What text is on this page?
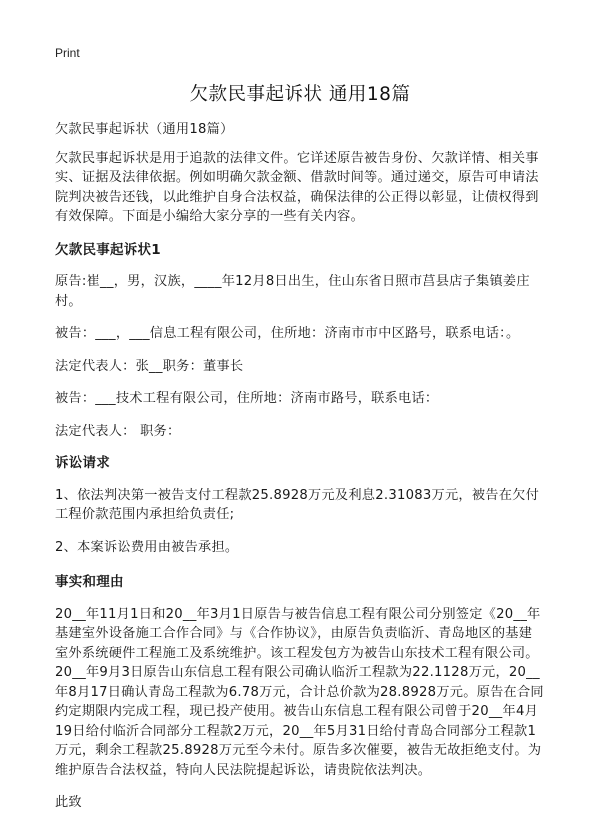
Print
欠款民事起诉状 通用18篇

欠款民事起诉状（通用18篇）

欠款民事起诉状是用于追款的法律文件。它详述原告被告身份、欠款详情、相关事实、证据及法律依据。例如明确欠款金额、借款时间等。通过递交，原告可申请法院判决被告还钱，以此维护自身合法权益，确保法律的公正得以彰显，让债权得到有效保障。下面是小编给大家分享的一些有关内容。

欠款民事起诉状1

原告:崔__，男，汉族，____年12月8日出生，住山东省日照市莒县店子集镇姜庄村。

被告：___，___信息工程有限公司，住所地：济南市市中区路号，联系电话：。

法定代表人：张__职务：董事长

被告：___技术工程有限公司，住所地：济南市路号，联系电话：

法定代表人： 职务：

诉讼请求

1、依法判决第一被告支付工程款25.8928万元及利息2.31083万元，被告在欠付工程价款范围内承担给负责任;

2、本案诉讼费用由被告承担。

事实和理由

20__年11月1日和20__年3月1日原告与被告信息工程有限公司分别签定《20__年基建室外设备施工合作合同》与《合作协议》，由原告负责临沂、青岛地区的基建室外系统硬件工程施工及系统维护。该工程发包方为被告山东技术工程有限公司。20__年9月3日原告山东信息工程有限公司确认临沂工程款为22.1128万元，20__年8月17日确认青岛工程款为6.78万元，合计总价款为28.8928万元。原告在合同约定期限内完成工程，现已投产使用。被告山东信息工程有限公司曾于20__年4月19日给付临沂合同部分工程款2万元，20__年5月31日给付青岛合同部分工程款1万元，剩余工程款25.8928万元至今未付。原告多次催要，被告无故拒绝支付。为维护原告合法权益，特向人民法院提起诉讼，请贵院依法判决。

此致
